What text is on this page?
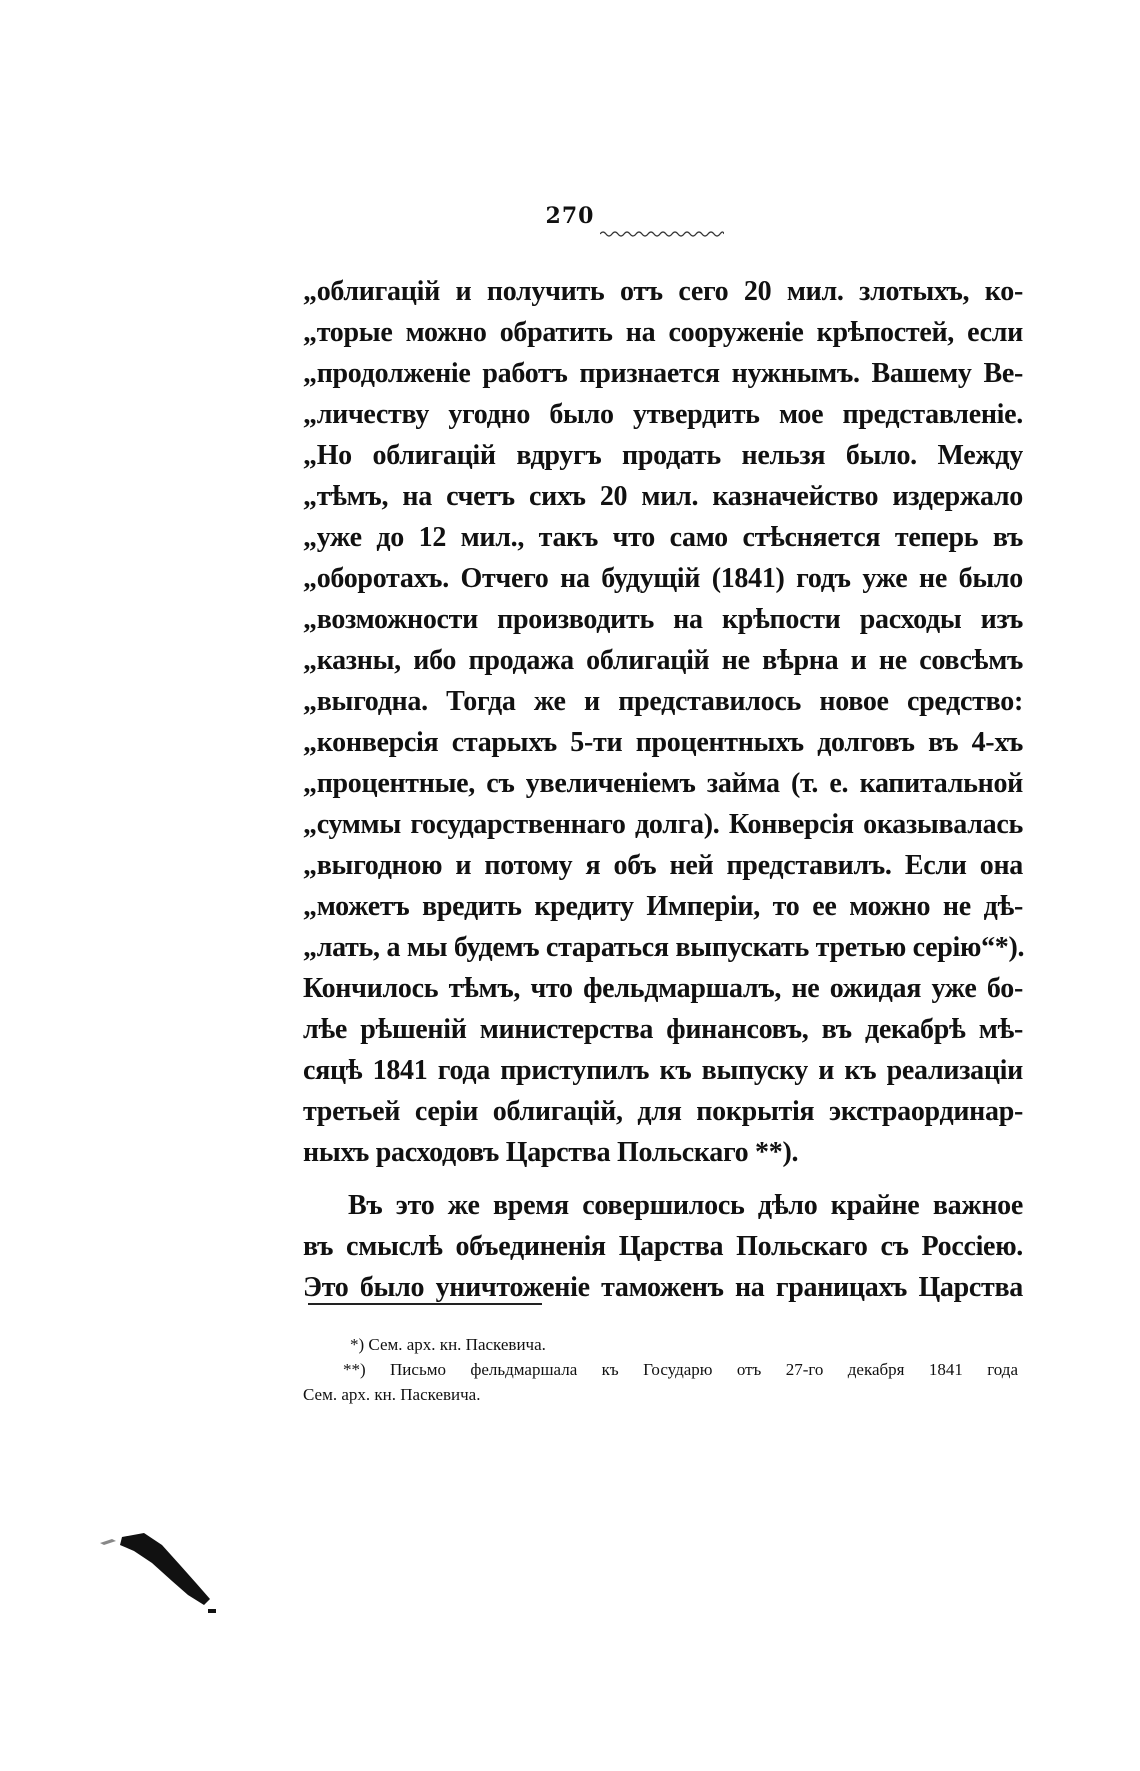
270
„облигацій и получить отъ сего 20 мил. злотыхъ, ко-
„торые можно обратить на сооруженіе крѣпостей, если
„продолженіе работъ признается нужнымъ. Вашему Ве-
„личеству угодно было утвердить мое представленіе.
„Но облигацій вдругъ продать нельзя было. Между
„тѣмъ, на счетъ сихъ 20 мил. казначейство издержало
„уже до 12 мил., такъ что само стѣсняется теперь въ
„оборотахъ. Отчего на будущій (1841) годъ уже не было
„возможности производить на крѣпости расходы изъ
„казны, ибо продажа облигацій не вѣрна и не совсѣмъ
„выгодна. Тогда же и представилось новое средство:
„конверсія старыхъ 5-ти процентныхъ долговъ въ 4-хъ
„процентные, съ увеличеніемъ займа (т. е. капитальной
„суммы государственнаго долга). Конверсія оказывалась
„выгодною и потому я объ ней представилъ. Если она
„можетъ вредить кредиту Имперіи, то ее можно не дѣ-
„лать, а мы будемъ стараться выпускать третью серію“*).
Кончилось тѣмъ, что фельдмаршалъ, не ожидая уже бо-
лѣе рѣшеній министерства финансовъ, въ декабрѣ мѣ-
сяцѣ 1841 года приступилъ къ выпуску и къ реализаціи
третьей серіи облигацій, для покрытія экстраординар-
ныхъ расходовъ Царства Польскаго **).
Въ это же время совершилось дѣло крайне важное
въ смыслѣ объединенія Царства Польскаго съ Россіею.
Это было уничтоженіе таможенъ на границахъ Царства
*) Сем. арх. кн. Паскевича.
**) Письмо фельдмаршала къ Государю отъ 27-го декабря 1841 года
Сем. арх. кн. Паскевича.
